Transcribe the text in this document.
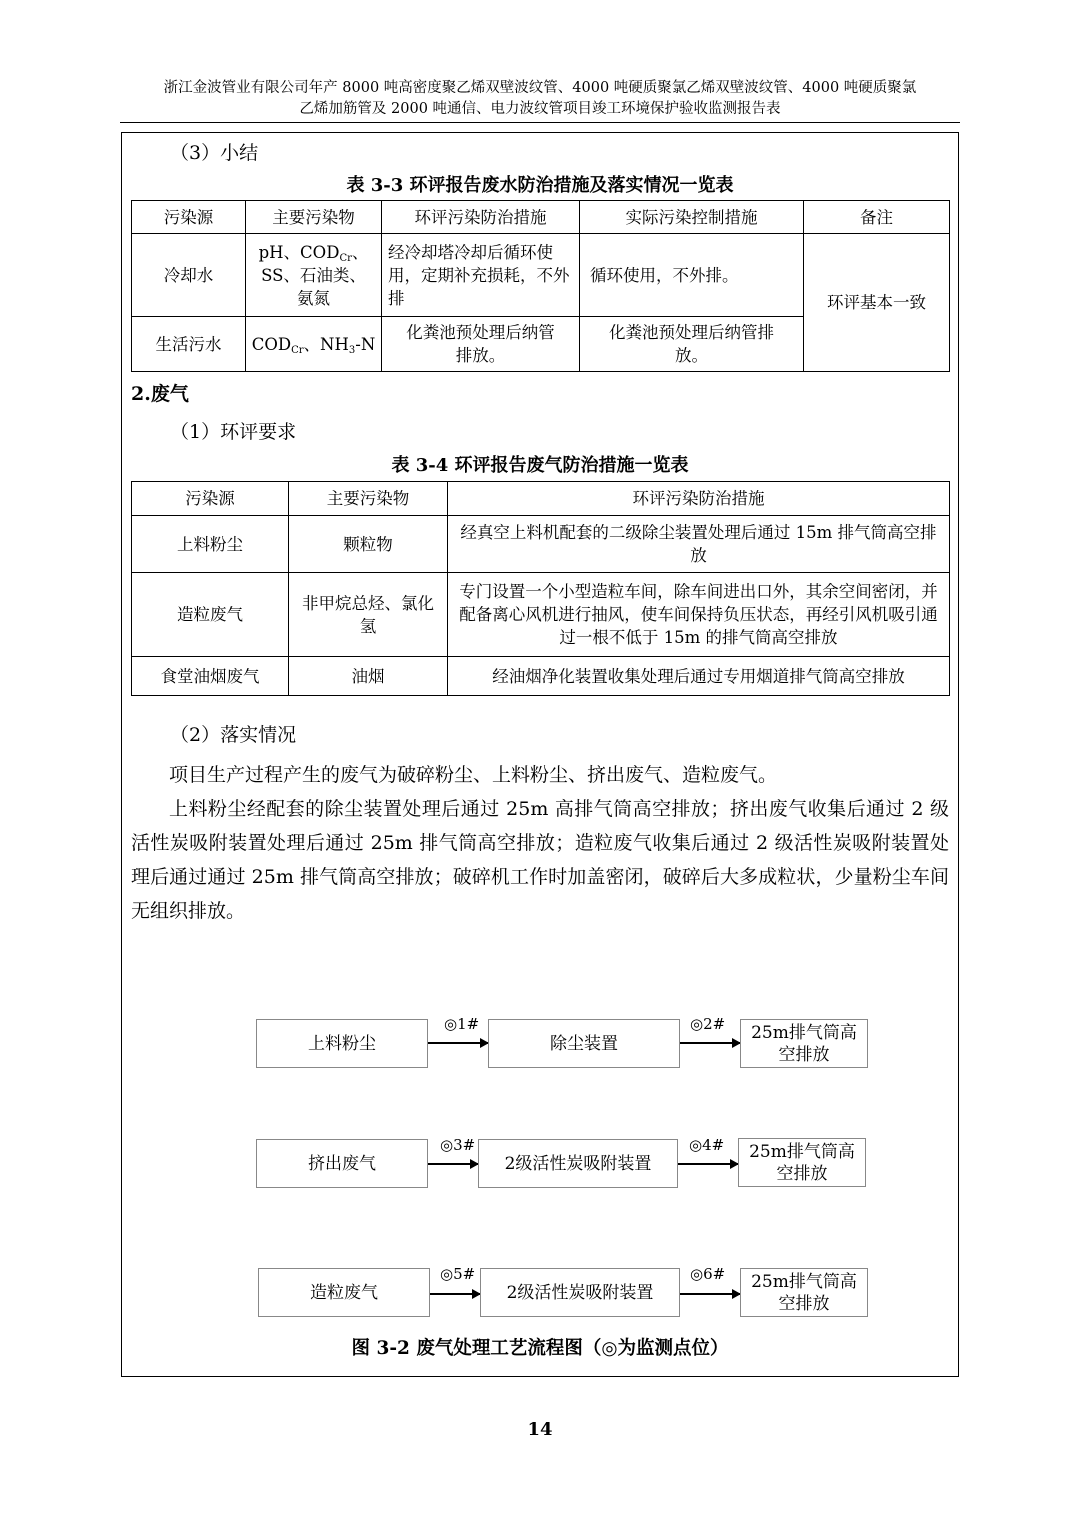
浙江金波管业有限公司年产 8000 吨高密度聚乙烯双壁波纹管、4000 吨硬质聚氯乙烯双壁波纹管、4000 吨硬质聚氯
乙烯加筋管及 2000 吨通信、电力波纹管项目竣工环境保护验收监测报告表
（3）小结
表 3-3 环评报告废水防治措施及落实情况一览表
污染源	主要污染物	环评污染防治措施	实际污染控制措施	备注
冷却水	pH、$COD_{Cr}$、
SS、石油类、
氨氮	经冷却塔冷却后循环使用，定期补充损耗，不外排	循环使用，不外排。	环评基本一致
生活污水	$COD_{Cr}$、$NH_3-N$	化粪池预处理后纳管排放。	化粪池预处理后纳管排放。	
2.废气
（1）环评要求
表 3-4 环评报告废气防治措施一览表
污染源	主要污染物	环评污染防治措施
上料粉尘	颗粒物	经真空上料机配套的二级除尘装置处理后通过 15m 排气筒高空排放
造粒废气	非甲烷总烃、氯化氢	专门设置一个小型造粒车间，除车间进出口外，其余空间密闭，并配备离心风机进行抽风，使车间保持负压状态，再经引风机吸引通过一根不低于 15m 的排气筒高空排放
食堂油烟废气	油烟	经油烟净化装置收集处理后通过专用烟道排气筒高空排放
（2）落实情况

项目生产过程产生的废气为破碎粉尘、上料粉尘、挤出废气、造粒废气。

上料粉尘经配套的除尘装置处理后通过 25m 高排气筒高空排放；挤出废气收集后通过 2 级活性炭吸附装置处理后通过 25m 排气筒高空排放；造粒废气收集后通过 2 级活性炭吸附装置处理后通过通过 25m 排气筒高空排放；破碎机工作时加盖密闭，破碎后大多成粒状，少量粉尘车间无组织排放。

上料粉尘
◎1#
除尘装置
◎2#	25m排气筒高空排放
挤出废气
◎3#
2级活性炭吸附装置
◎4#	25m排气筒高空排放
造粒废气
◎5#
2级活性炭吸附装置
◎6#	25m排气筒高空排放
图 3-2 废气处理工艺流程图（◎为监测点位）
14
